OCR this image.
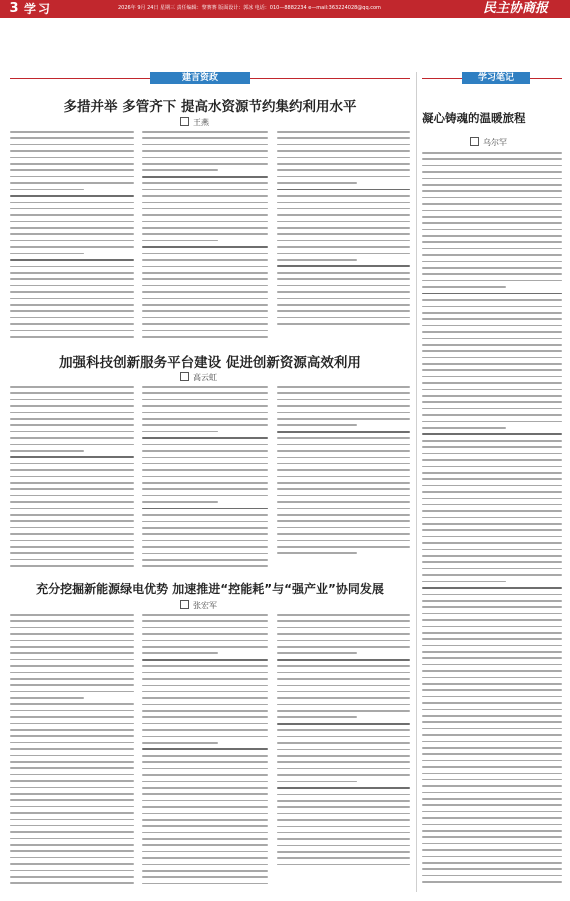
3 学习	2026年 9月 24日 星期三 责任编辑：黎赛赛 版面设计：郭冰 电话：010—8882234 e—mail:363224028@qq.com	民主协商报
建言资政	学习笔记
多措并举 多管齐下 提高水资源节约集约利用水平
王燕
加强科技创新服务平台建设 促进创新资源高效利用
高云虹
充分挖掘新能源绿电优势 加速推进“控能耗”与“强产业”协同发展
张宏军
凝心铸魂的温暖旅程
乌尔罕
